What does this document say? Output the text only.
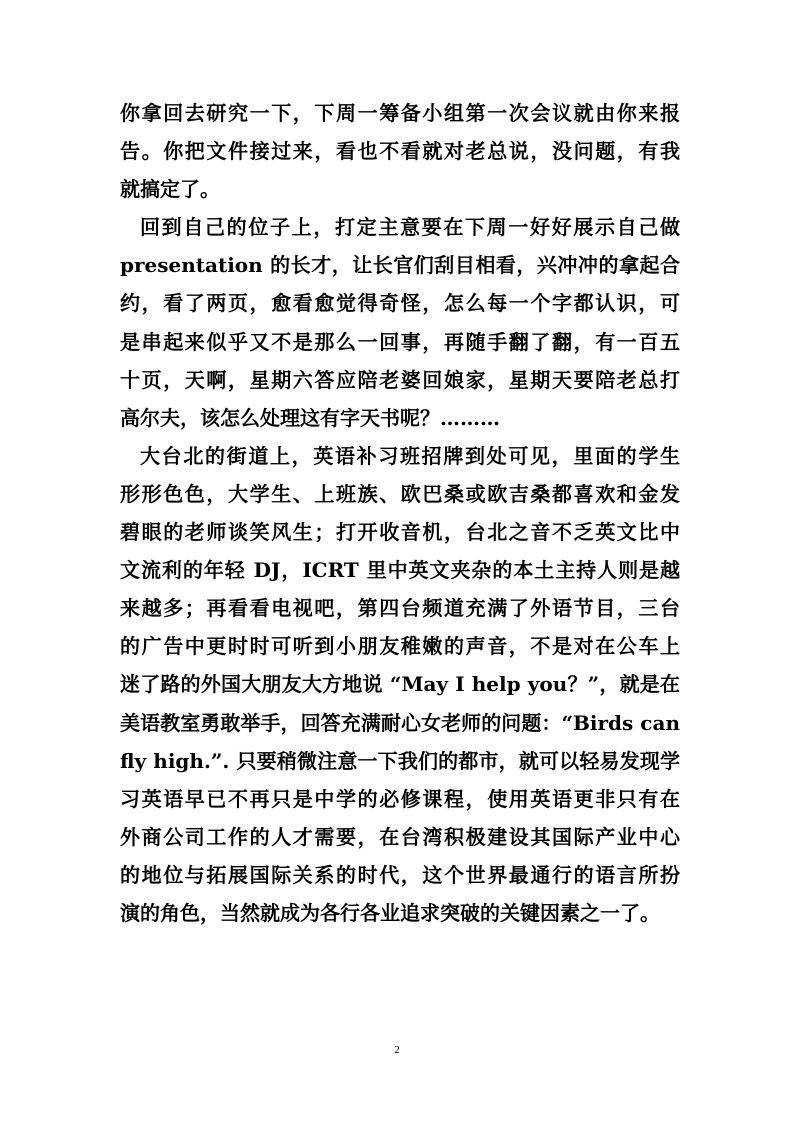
你拿回去研究一下，下周一筹备小组第一次会议就由你来报
告。你把文件接过来，看也不看就对老总说，没问题，有我
就搞定了。
回到自己的位子上，打定主意要在下周一好好展示自己做
presentation 的长才，让长官们刮目相看，兴冲冲的拿起合
约，看了两页，愈看愈觉得奇怪，怎么每一个字都认识，可
是串起来似乎又不是那么一回事，再随手翻了翻，有一百五
十页，天啊，星期六答应陪老婆回娘家，星期天要陪老总打
高尔夫，该怎么处理这有字天书呢？………
大台北的街道上，英语补习班招牌到处可见，里面的学生
形形色色，大学生、上班族、欧巴桑或欧吉桑都喜欢和金发
碧眼的老师谈笑风生；打开收音机，台北之音不乏英文比中
文流利的年轻 DJ，ICRT 里中英文夹杂的本土主持人则是越
来越多；再看看电视吧，第四台频道充满了外语节目，三台
的广告中更时时可听到小朋友稚嫩的声音，不是对在公车上
迷了路的外国大朋友大方地说 “May I help you？”，就是在
美语教室勇敢举手，回答充满耐心女老师的问题：“Birds can
fly high.”. 只要稍微注意一下我们的都市，就可以轻易发现学
习英语早已不再只是中学的必修课程，使用英语更非只有在
外商公司工作的人才需要，在台湾积极建设其国际产业中心
的地位与拓展国际关系的时代，这个世界最通行的语言所扮
演的角色，当然就成为各行各业追求突破的关键因素之一了。
2
